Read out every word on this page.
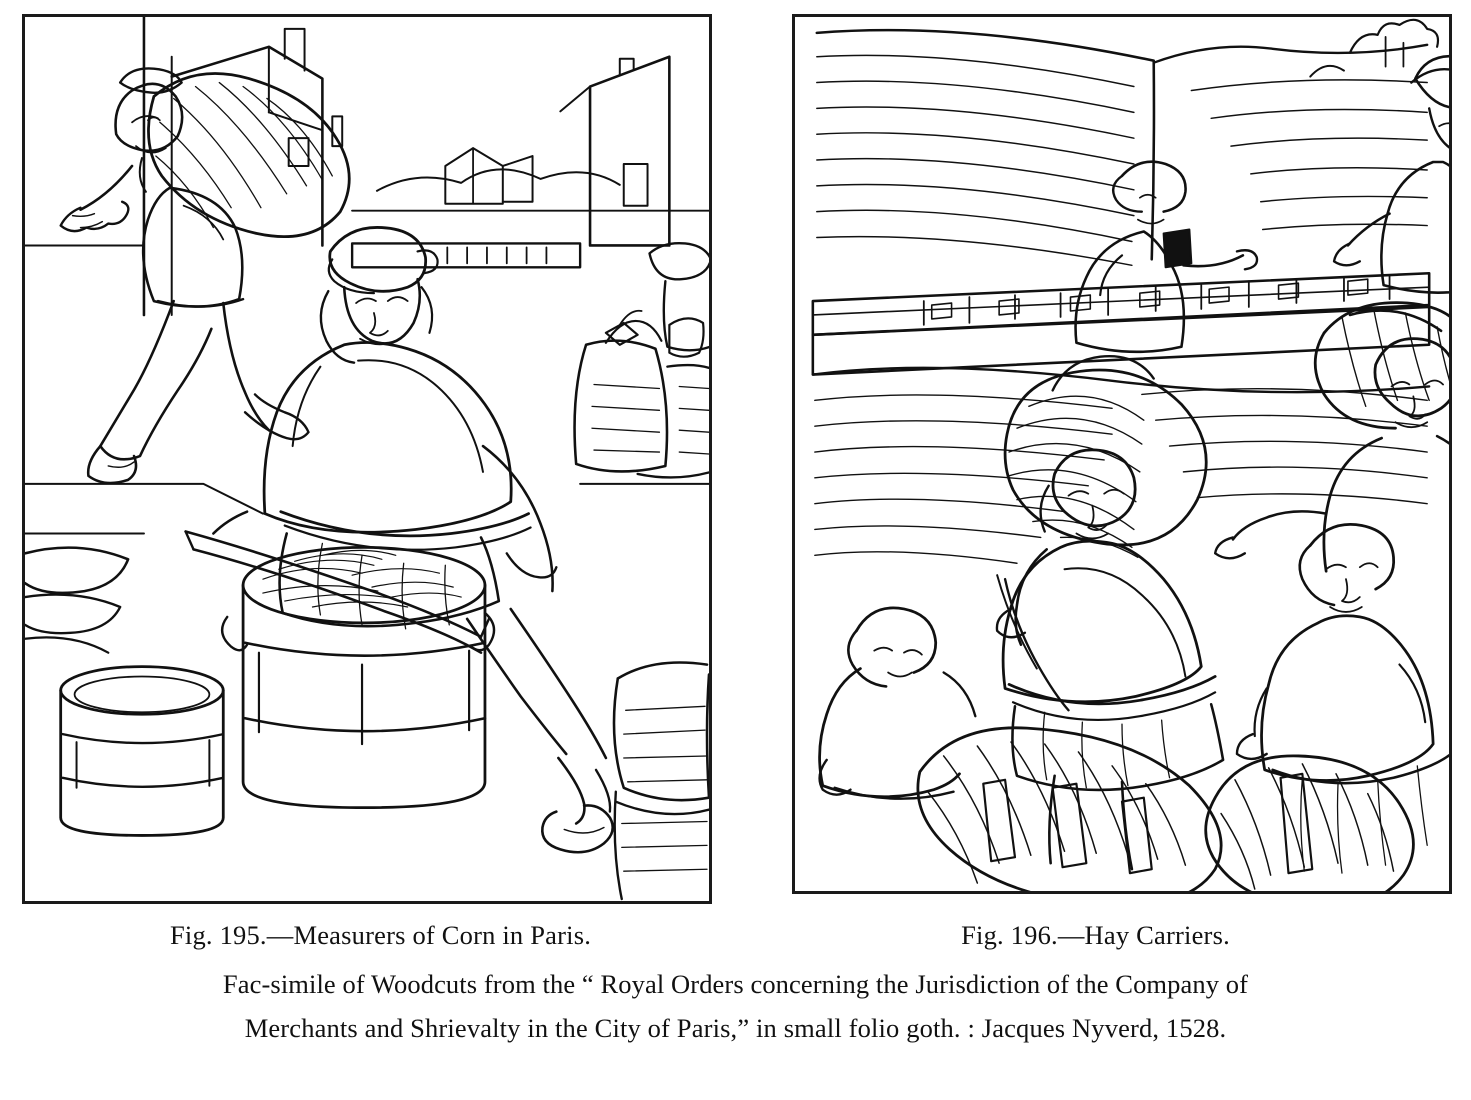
Fig. 195.—Measurers of Corn in Paris.	Fig. 196.—Hay Carriers.
Fac-simile of Woodcuts from the “ Royal Orders concerning the Jurisdiction of the Company of
Merchants and Shrievalty in the City of Paris,” in small folio goth. : Jacques Nyverd, 1528.
